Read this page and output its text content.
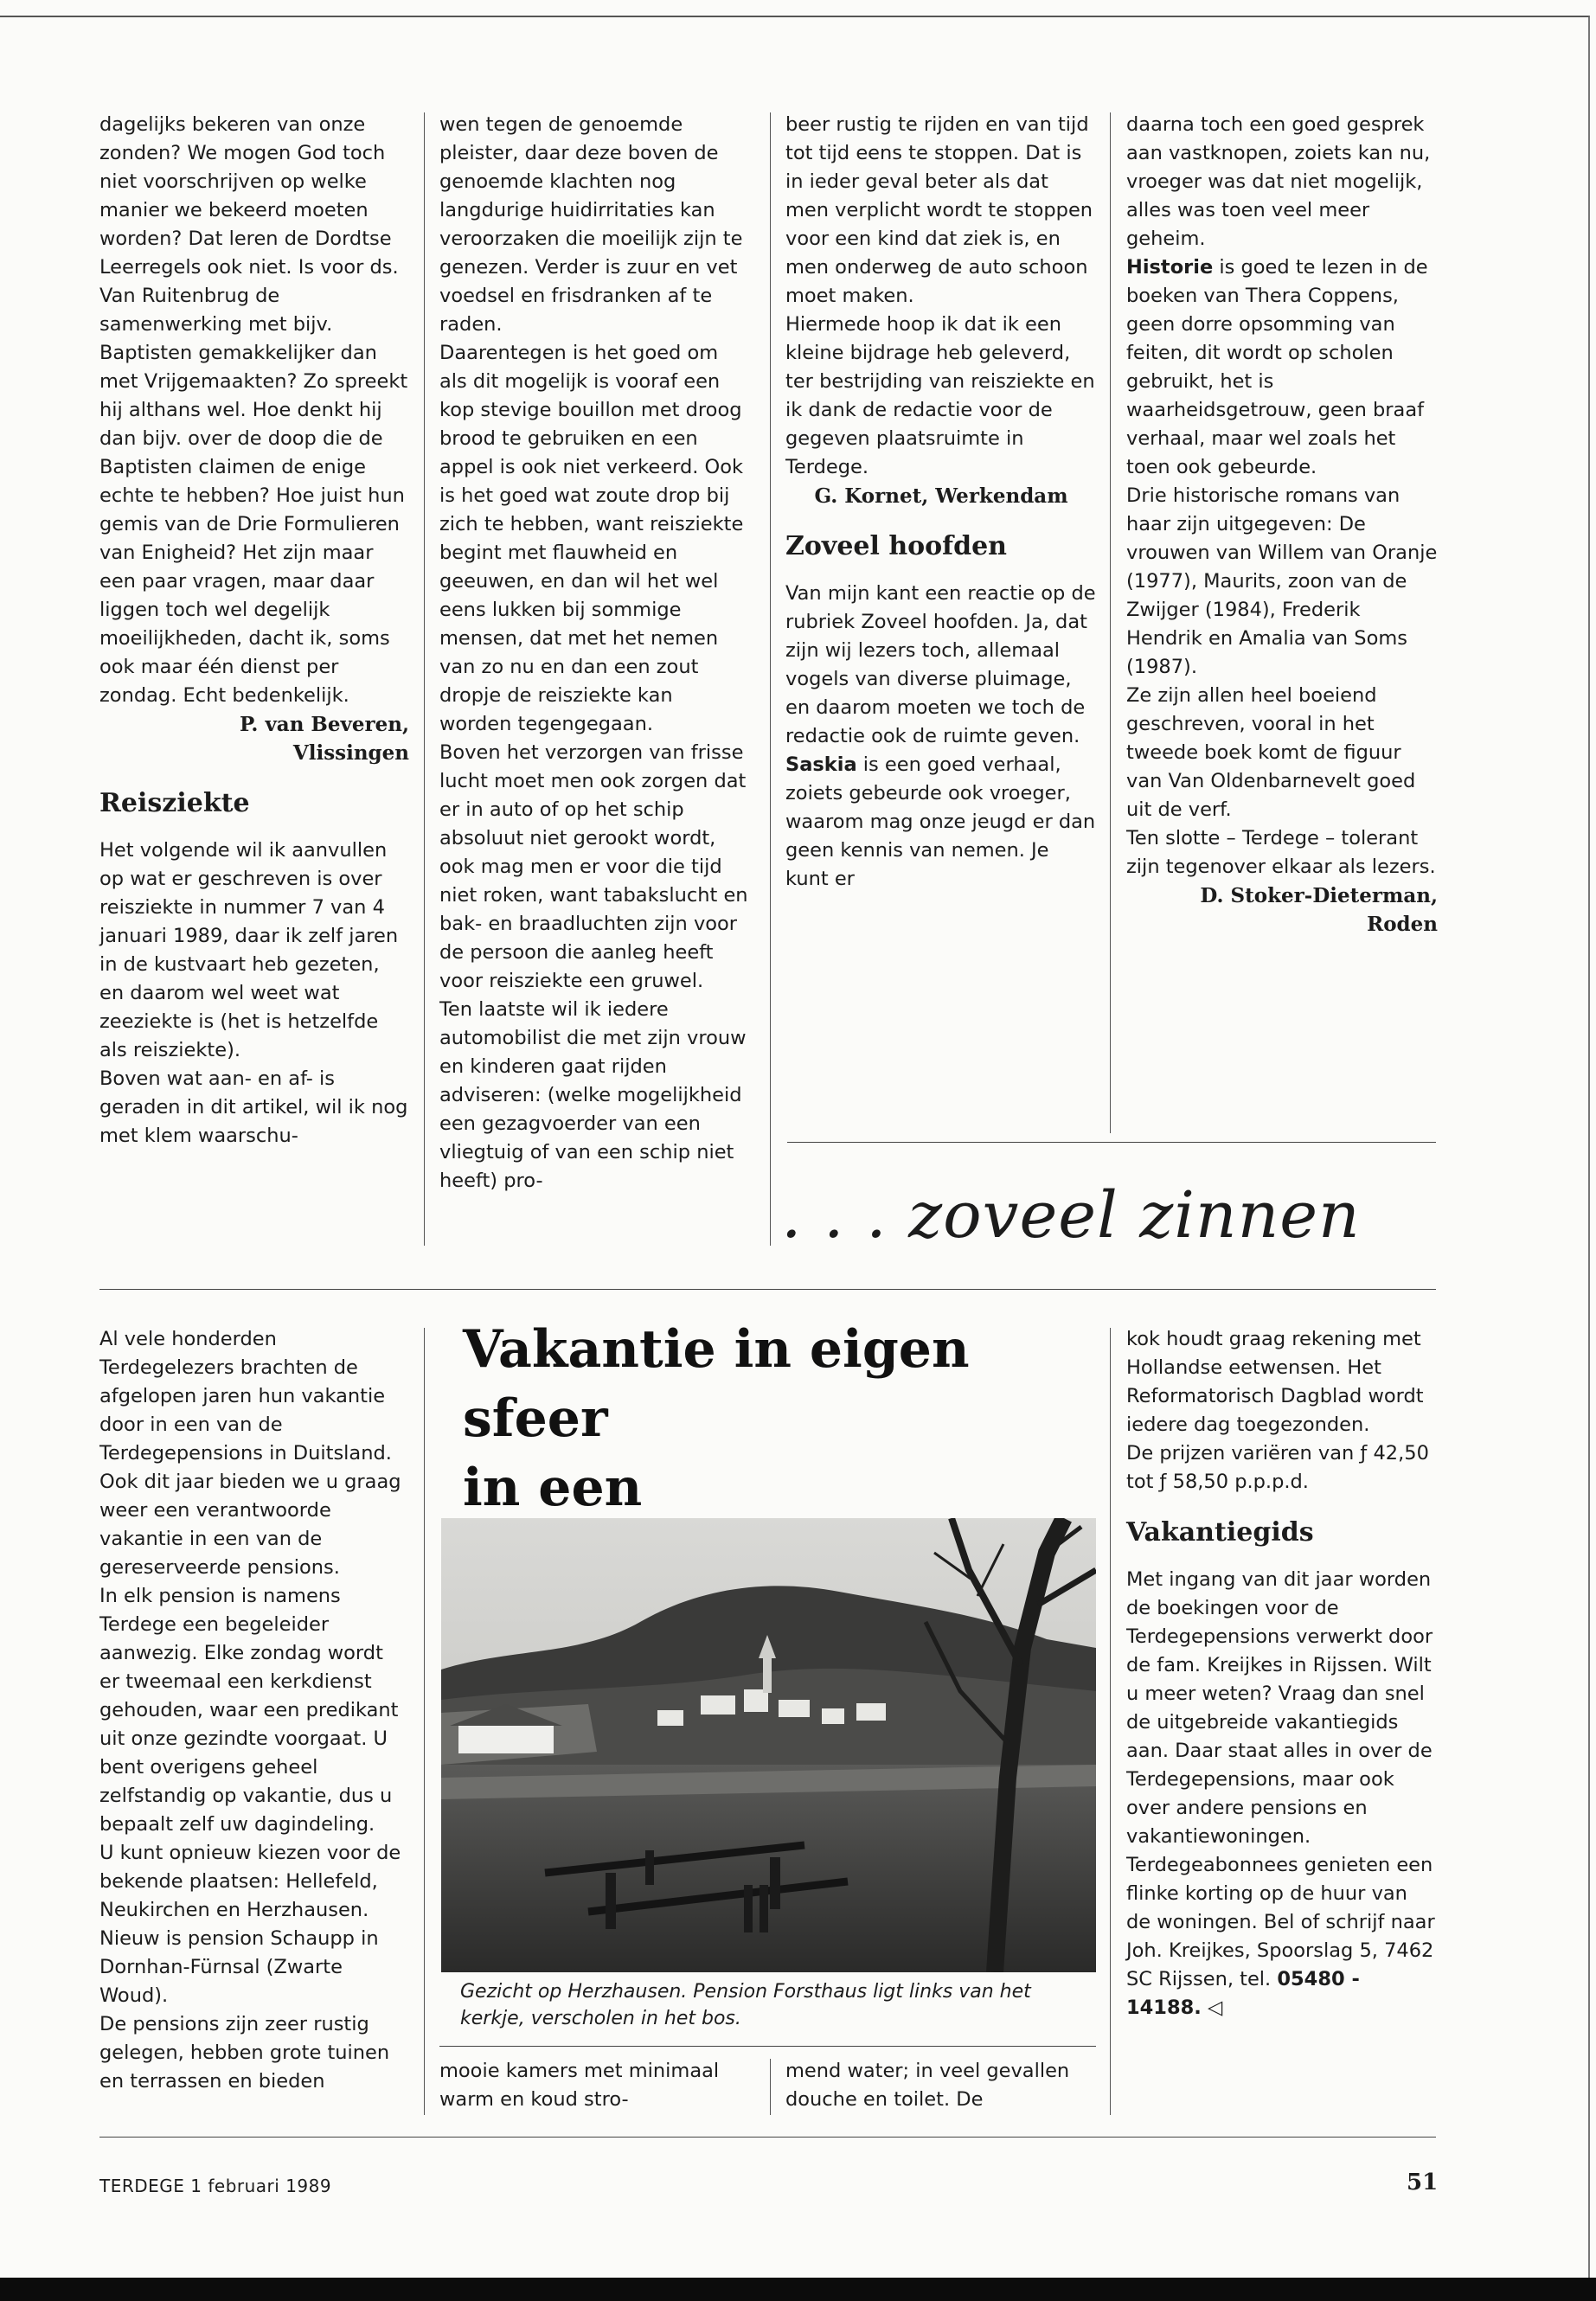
dagelijks bekeren van onze zonden? We mogen God toch niet voorschrijven op welke manier we bekeerd moeten worden? Dat leren de Dordtse Leerregels ook niet. Is voor ds. Van Ruitenbrug de samenwerking met bijv. Baptisten gemakkelijker dan met Vrijgemaakten? Zo spreekt hij althans wel. Hoe denkt hij dan bijv. over de doop die de Baptisten claimen de enige echte te hebben? Hoe juist hun gemis van de Drie Formulieren van Enigheid? Het zijn maar een paar vragen, maar daar liggen toch wel degelijk moeilijkheden, dacht ik, soms ook maar één dienst per zondag. Echt bedenkelijk.

P. van Beveren,
Vlissingen
Reisziekte

Het volgende wil ik aanvullen op wat er geschreven is over reisziekte in nummer 7 van 4 januari 1989, daar ik zelf jaren in de kustvaart heb gezeten, en daarom wel weet wat zeeziekte is (het is hetzelfde als reisziekte).

Boven wat aan- en af- is geraden in dit artikel, wil ik nog met klem waarschu-

wen tegen de genoemde pleister, daar deze boven de genoemde klachten nog langdurige huidirritaties kan veroorzaken die moeilijk zijn te genezen. Verder is zuur en vet voedsel en frisdranken af te raden.

Daarentegen is het goed om als dit mogelijk is vooraf een kop stevige bouillon met droog brood te gebruiken en een appel is ook niet verkeerd. Ook is het goed wat zoute drop bij zich te hebben, want reisziekte begint met flauwheid en geeuwen, en dan wil het wel eens lukken bij sommige mensen, dat met het nemen van zo nu en dan een zout dropje de reisziekte kan worden tegengegaan.

Boven het verzorgen van frisse lucht moet men ook zorgen dat er in auto of op het schip absoluut niet gerookt wordt, ook mag men er voor die tijd niet roken, want tabakslucht en bak- en braadluchten zijn voor de persoon die aanleg heeft voor reisziekte een gruwel.

Ten laatste wil ik iedere automobilist die met zijn vrouw en kinderen gaat rijden adviseren: (welke mogelijkheid een gezagvoerder van een vliegtuig of van een schip niet heeft) pro-

beer rustig te rijden en van tijd tot tijd eens te stoppen. Dat is in ieder geval beter als dat men verplicht wordt te stoppen voor een kind dat ziek is, en men onderweg de auto schoon moet maken.

Hiermede hoop ik dat ik een kleine bijdrage heb geleverd, ter bestrijding van reisziekte en ik dank de redactie voor de gegeven plaatsruimte in Terdege.

G. Kornet, Werkendam
Zoveel hoofden

Van mijn kant een reactie op de rubriek Zoveel hoofden. Ja, dat zijn wij lezers toch, allemaal vogels van diverse pluimage, en daarom moeten we toch de redactie ook de ruimte geven.

Saskia is een goed verhaal, zoiets gebeurde ook vroeger, waarom mag onze jeugd er dan geen kennis van nemen. Je kunt er

daarna toch een goed gesprek aan vastknopen, zoiets kan nu, vroeger was dat niet mogelijk, alles was toen veel meer geheim.

Historie is goed te lezen in de boeken van Thera Coppens, geen dorre opsomming van feiten, dit wordt op scholen gebruikt, het is waarheidsgetrouw, geen braaf verhaal, maar wel zoals het toen ook gebeurde.

Drie historische romans van haar zijn uitgegeven: De vrouwen van Willem van Oranje (1977), Maurits, zoon van de Zwijger (1984), Frederik Hendrik en Amalia van Soms (1987).

Ze zijn allen heel boeiend geschreven, vooral in het tweede boek komt de figuur van Van Oldenbarnevelt goed uit de verf.

Ten slotte – Terdege – tolerant zijn tegenover elkaar als lezers.

D. Stoker-Dieterman,
Roden
. . . zoveel zinnen

Al vele honderden Terdegelezers brachten de afgelopen jaren hun vakantie door in een van de Terdegepensions in Duitsland.

Ook dit jaar bieden we u graag weer een verantwoorde vakantie in een van de gereserveerde pensions.

In elk pension is namens Terdege een begeleider aanwezig. Elke zondag wordt er tweemaal een kerkdienst gehouden, waar een predikant uit onze gezindte voorgaat. U bent overigens geheel zelfstandig op vakantie, dus u bepaalt zelf uw dagindeling.

U kunt opnieuw kiezen voor de bekende plaatsen: Hellefeld, Neukirchen en Herzhausen. Nieuw is pension Schaupp in Dornhan-Fürnsal (Zwarte Woud).

De pensions zijn zeer rustig gelegen, hebben grote tuinen en terrassen en bieden

Vakantie in eigen sfeer
in een
Gezicht op Herzhausen. Pension Forsthaus ligt links van het kerkje, verscholen in het bos.

mooie kamers met minimaal warm en koud stro-

mend water; in veel gevallen douche en toilet. De

kok houdt graag rekening met Hollandse eetwensen. Het Reformatorisch Dagblad wordt iedere dag toegezonden.

De prijzen variëren van ƒ 42,50 tot ƒ 58,50 p.p.p.d.

Vakantiegids

Met ingang van dit jaar worden de boekingen voor de Terdegepensions verwerkt door de fam. Kreijkes in Rijssen. Wilt u meer weten? Vraag dan snel de uitgebreide vakantiegids aan. Daar staat alles in over de Terdegepensions, maar ook over andere pensions en vakantiewoningen. Terdegeabonnees genieten een flinke korting op de huur van de woningen. Bel of schrijf naar Joh. Kreijkes, Spoorslag 5, 7462 SC Rijssen, tel. 05480 - 14188. ◁

TERDEGE 1 februari 1989	51
